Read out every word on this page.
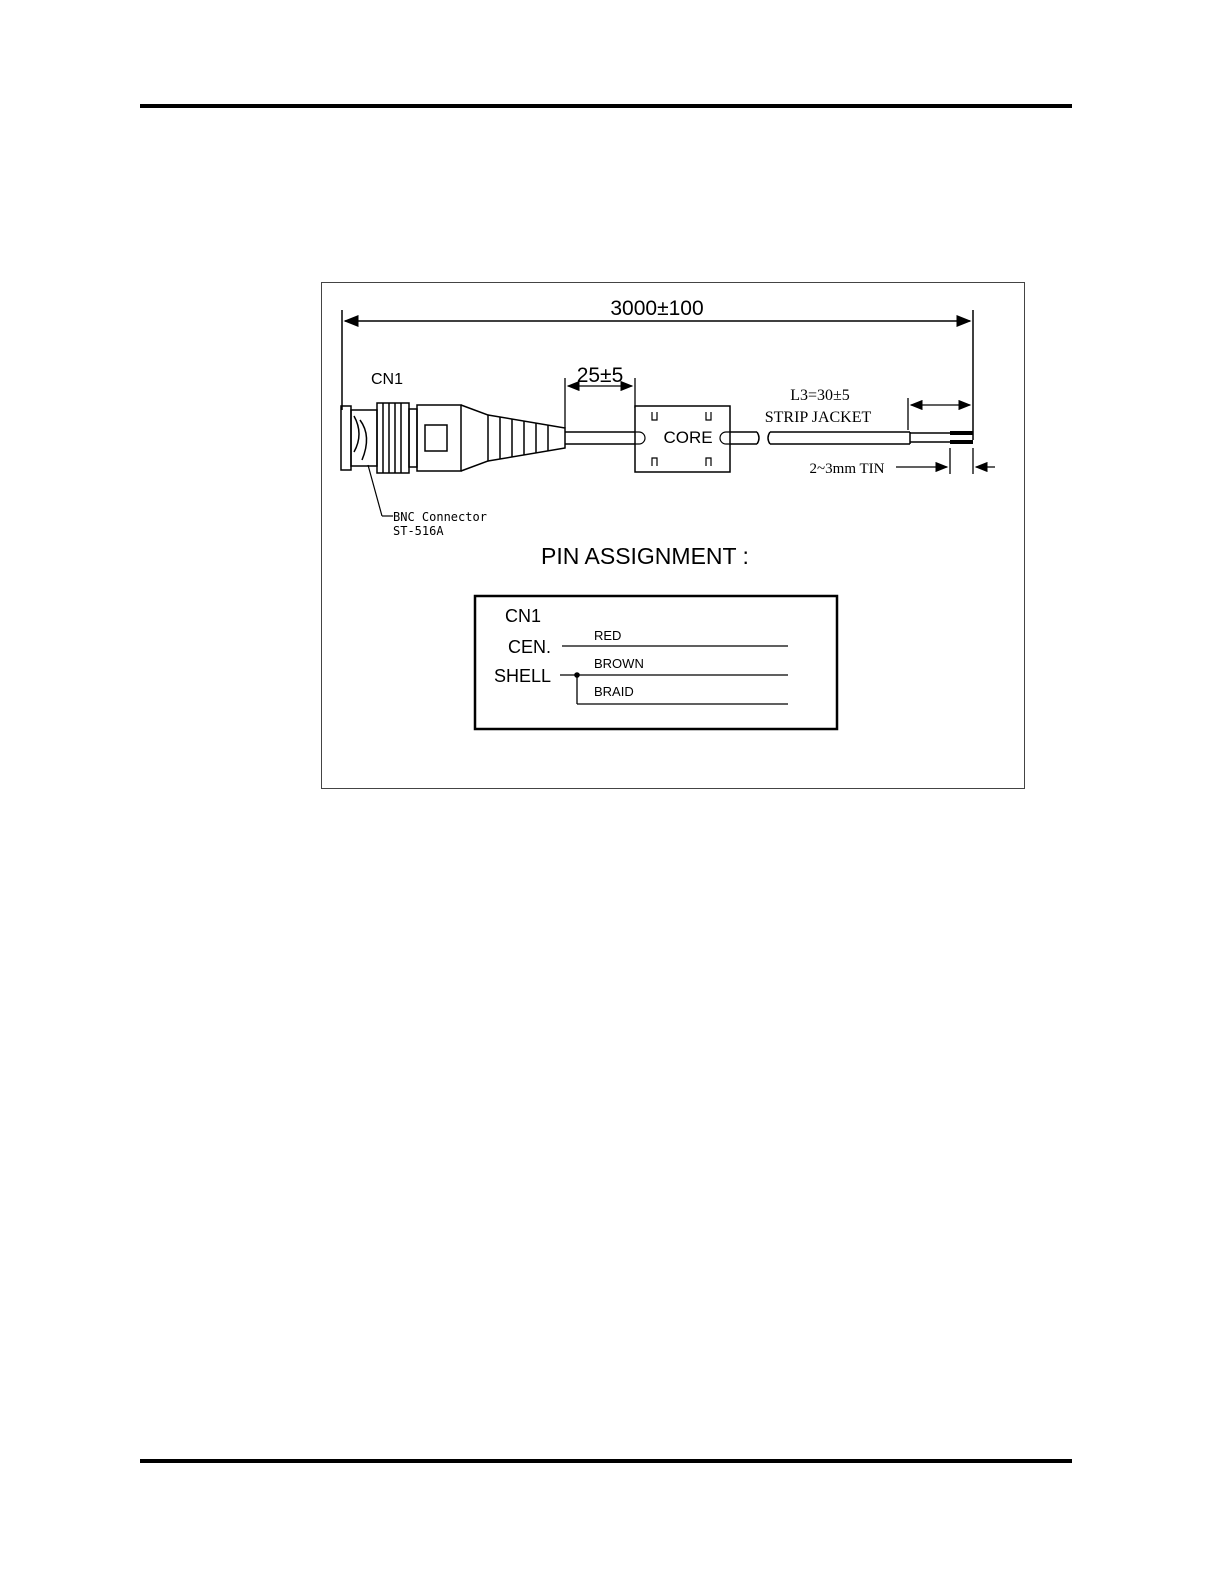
3000±100
CN1
BNC Connector
ST-516A
25±5
CORE
L3=30±5
STRIP JACKET
2~3mm TIN
PIN ASSIGNMENT :
CN1
CEN.
RED
SHELL
BROWN
BRAID
